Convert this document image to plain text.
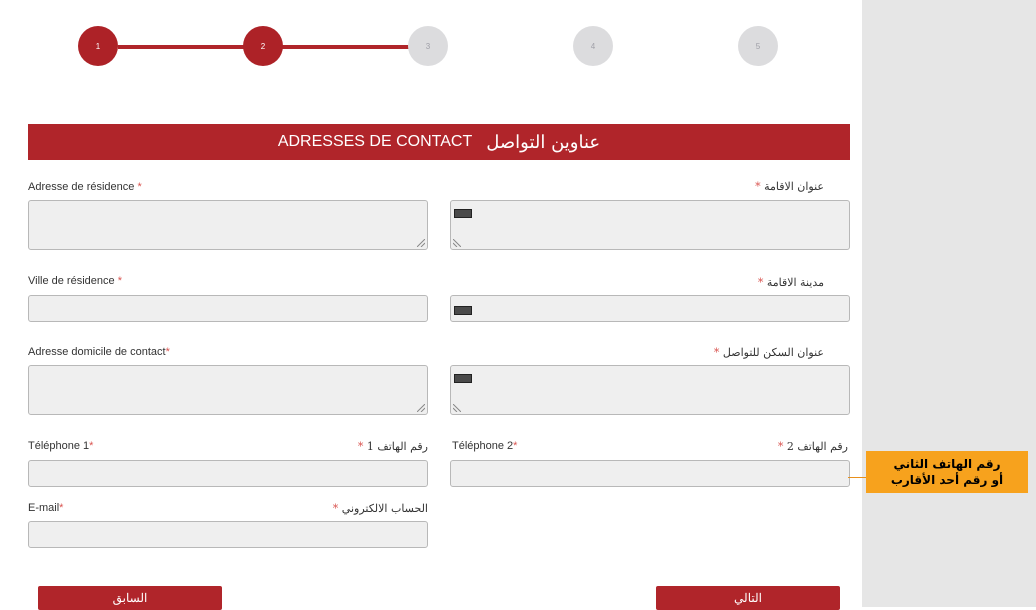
1	2	3	4	5
ADRESSES DE CONTACT عناوين التواصل
Adresse de résidence *	عنوان الاقامة *
Ville de résidence *	مدينة الاقامة *
Adresse domicile de contact*	عنوان السكن للتواصل *
Téléphone 1*	رقم الهاتف 1 *	Téléphone 2*	رقم الهاتف 2 *
E-mail*	الحساب الالكتروني *
السابق	التالي
رقم الهاتف الثاني
أو رقم أحد الأقارب
